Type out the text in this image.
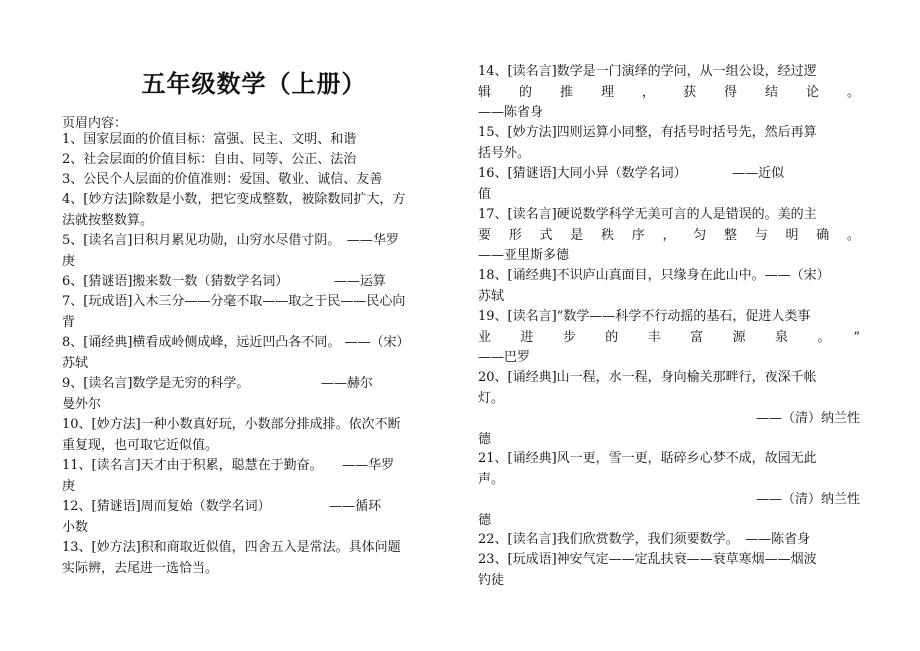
五年级数学（上册）
页眉内容：
1、国家层面的价值目标：富强、民主、文明、和谐
2、社会层面的价值目标：自由、同等、公正、法治
3、公民个人层面的价值准则：爱国、敬业、诚信、友善
4、[妙方法]除数是小数，把它变成整数，被除数同扩大，方
法就按整数算。
5、[读名言]日积月累见功勋，山穷水尽借寸阴。　——华罗
庚
6、[猜谜语]搬来数一数（猜数学名词）　　　　——运算
7、[玩成语]入木三分——分毫不取——取之于民——民心向
背
8、[诵经典]横看成岭侧成峰，远近凹凸各不同。 ——（宋）
苏轼
9、[读名言]数学是无穷的科学。　　　　　　——赫尔
曼外尔
10、[妙方法]一种小数真好玩，小数部分排成排。依次不断
重复现，也可取它近似值。
11、[读名言]天才由于积累，聪慧在于勤奋。　　——华罗
庚
12、[猜谜语]周而复始（数学名词）　　　　　——循环
小数
13、[妙方法]积和商取近似值，四舍五入是常法。具体问题
实际辨，去尾进一选恰当。
14、[读名言]数学是一门演绎的学问，从一组公设，经过逻
辑的推理，获得结论。
——陈省身
15、[妙方法]四则运算小同整，有括号时括号先，然后再算
括号外。
16、[猜谜语]大同小异（数学名词）　　　　——近似
值
17、[读名言]硬说数学科学无美可言的人是错误的。美的主
要形式是秩序，匀整与明确。
——亚里斯多德
18、[诵经典]不识庐山真面目，只缘身在此山中。——（宋）
苏轼
19、[读名言]“数学——科学不行动摇的基石，促进人类事
业进步的丰富源泉。”
——巴罗
20、[诵经典]山一程，水一程，身向榆关那畔行，夜深千帐
灯。
——（清）纳兰性
德
21、[诵经典]风一更，雪一更，聒碎乡心梦不成，故园无此
声。
——（清）纳兰性
德
22、[读名言]我们欣赏数学，我们须要数学。　——陈省身
23、[玩成语]神安气定——定乱扶衰——衰草寒烟——烟波
钓徒
